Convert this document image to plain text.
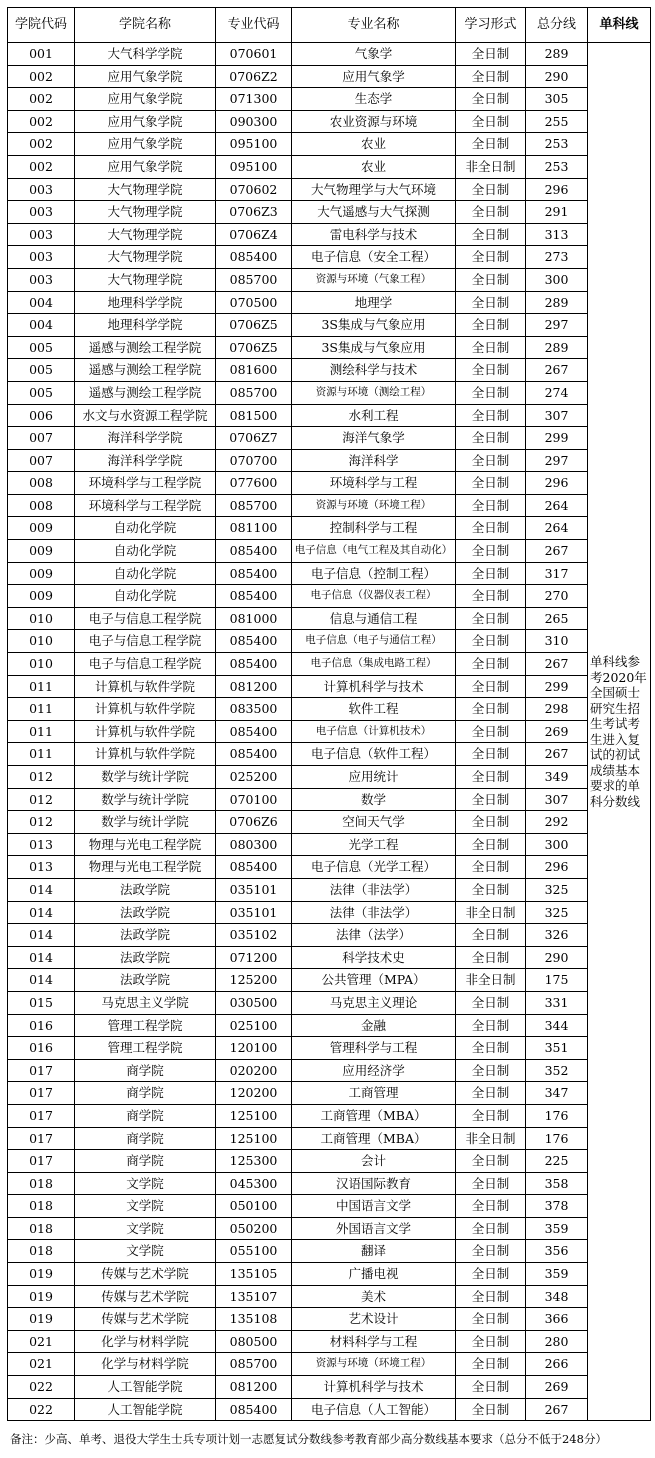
学院代码	学院名称	专业代码	专业名称	学习形式	总分线	单科线
001	大气科学学院	070601	气象学	全日制	289	单科线参考2020年全国硕士研究生招生考试考生进入复试的初试成绩基本要求的单科分数线
002	应用气象学院	0706Z2	应用气象学	全日制	290	
002	应用气象学院	071300	生态学	全日制	305	
002	应用气象学院	090300	农业资源与环境	全日制	255	
002	应用气象学院	095100	农业	全日制	253	
002	应用气象学院	095100	农业	非全日制	253	
003	大气物理学院	070602	大气物理学与大气环境	全日制	296	
003	大气物理学院	0706Z3	大气遥感与大气探测	全日制	291	
003	大气物理学院	0706Z4	雷电科学与技术	全日制	313	
003	大气物理学院	085400	电子信息（安全工程）	全日制	273	
003	大气物理学院	085700	资源与环境（气象工程）	全日制	300	
004	地理科学学院	070500	地理学	全日制	289	
004	地理科学学院	0706Z5	3S集成与气象应用	全日制	297	
005	遥感与测绘工程学院	0706Z5	3S集成与气象应用	全日制	289	
005	遥感与测绘工程学院	081600	测绘科学与技术	全日制	267	
005	遥感与测绘工程学院	085700	资源与环境（测绘工程）	全日制	274	
006	水文与水资源工程学院	081500	水利工程	全日制	307	
007	海洋科学学院	0706Z7	海洋气象学	全日制	299	
007	海洋科学学院	070700	海洋科学	全日制	297	
008	环境科学与工程学院	077600	环境科学与工程	全日制	296	
008	环境科学与工程学院	085700	资源与环境（环境工程）	全日制	264	
009	自动化学院	081100	控制科学与工程	全日制	264	
009	自动化学院	085400	电子信息（电气工程及其自动化）	全日制	267	
009	自动化学院	085400	电子信息（控制工程）	全日制	317	
009	自动化学院	085400	电子信息（仪器仪表工程）	全日制	270	
010	电子与信息工程学院	081000	信息与通信工程	全日制	265	
010	电子与信息工程学院	085400	电子信息（电子与通信工程）	全日制	310	
010	电子与信息工程学院	085400	电子信息（集成电路工程）	全日制	267	
011	计算机与软件学院	081200	计算机科学与技术	全日制	299	
011	计算机与软件学院	083500	软件工程	全日制	298	
011	计算机与软件学院	085400	电子信息（计算机技术）	全日制	269	
011	计算机与软件学院	085400	电子信息（软件工程）	全日制	267	
012	数学与统计学院	025200	应用统计	全日制	349	
012	数学与统计学院	070100	数学	全日制	307	
012	数学与统计学院	0706Z6	空间天气学	全日制	292	
013	物理与光电工程学院	080300	光学工程	全日制	300	
013	物理与光电工程学院	085400	电子信息（光学工程）	全日制	296	
014	法政学院	035101	法律（非法学）	全日制	325	
014	法政学院	035101	法律（非法学）	非全日制	325	
014	法政学院	035102	法律（法学）	全日制	326	
014	法政学院	071200	科学技术史	全日制	290	
014	法政学院	125200	公共管理（MPA）	非全日制	175	
015	马克思主义学院	030500	马克思主义理论	全日制	331	
016	管理工程学院	025100	金融	全日制	344	
016	管理工程学院	120100	管理科学与工程	全日制	351	
017	商学院	020200	应用经济学	全日制	352	
017	商学院	120200	工商管理	全日制	347	
017	商学院	125100	工商管理（MBA）	全日制	176	
017	商学院	125100	工商管理（MBA）	非全日制	176	
017	商学院	125300	会计	全日制	225	
018	文学院	045300	汉语国际教育	全日制	358	
018	文学院	050100	中国语言文学	全日制	378	
018	文学院	050200	外国语言文学	全日制	359	
018	文学院	055100	翻译	全日制	356	
019	传媒与艺术学院	135105	广播电视	全日制	359	
019	传媒与艺术学院	135107	美术	全日制	348	
019	传媒与艺术学院	135108	艺术设计	全日制	366	
021	化学与材料学院	080500	材料科学与工程	全日制	280	
021	化学与材料学院	085700	资源与环境（环境工程）	全日制	266	
022	人工智能学院	081200	计算机科学与技术	全日制	269	
022	人工智能学院	085400	电子信息（人工智能）	全日制	267	
备注：少高、单考、退役大学生士兵专项计划一志愿复试分数线参考教育部少高分数线基本要求（总分不低于248分）
